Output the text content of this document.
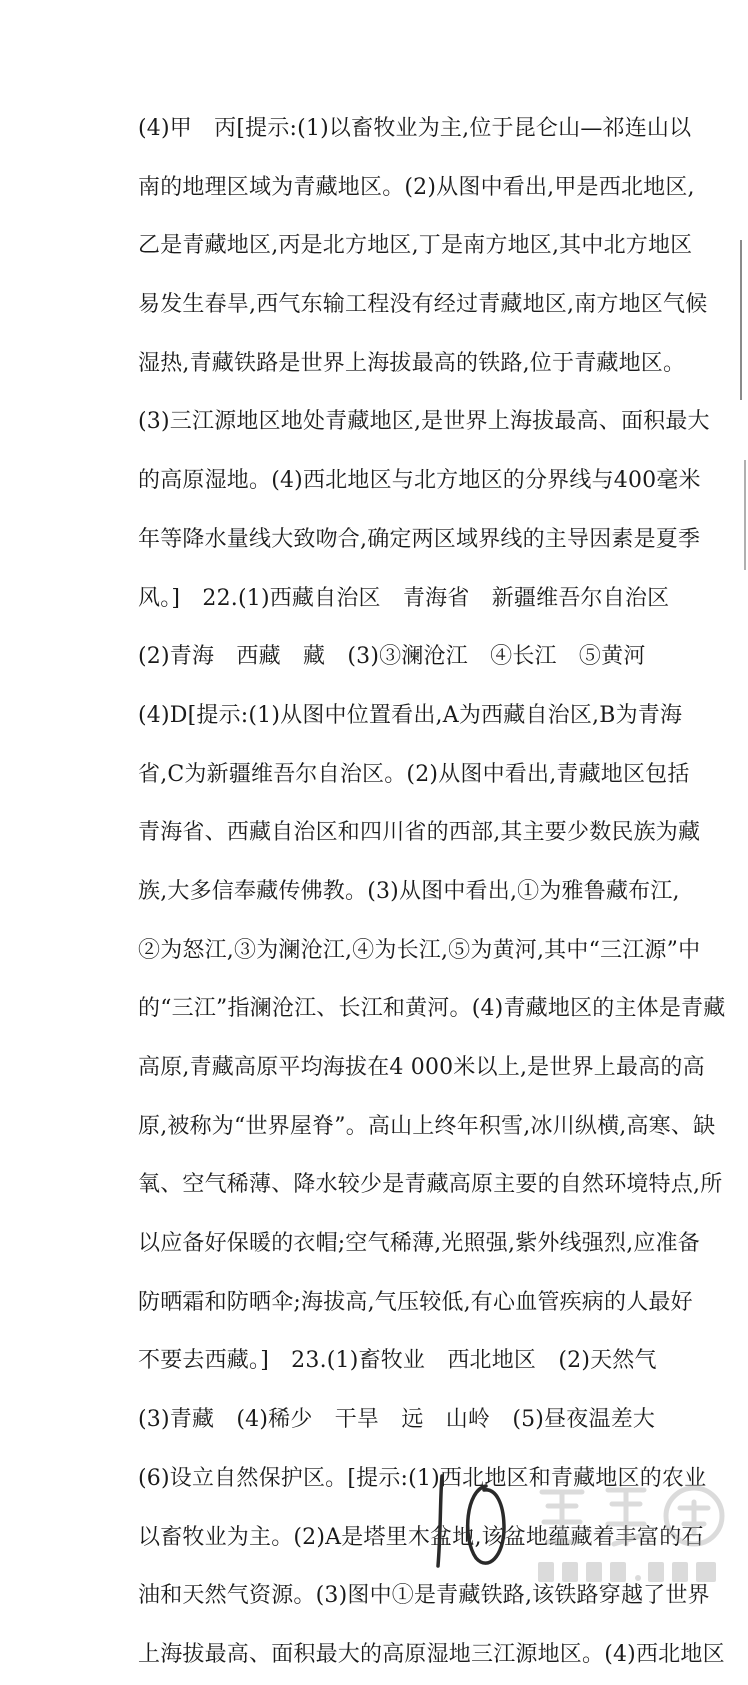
(4)甲　丙[提示:(1)以畜牧业为主,位于昆仑山—祁连山以
南的地理区域为青藏地区。(2)从图中看出,甲是西北地区,
乙是青藏地区,丙是北方地区,丁是南方地区,其中北方地区
易发生春旱,西气东输工程没有经过青藏地区,南方地区气候
湿热,青藏铁路是世界上海拔最高的铁路,位于青藏地区。
(3)三江源地区地处青藏地区,是世界上海拔最高、面积最大
的高原湿地。(4)西北地区与北方地区的分界线与400毫米
年等降水量线大致吻合,确定两区域界线的主导因素是夏季
风。]　22.(1)西藏自治区　青海省　新疆维吾尔自治区
(2)青海　西藏　藏　(3)③澜沧江　④长江　⑤黄河
(4)D[提示:(1)从图中位置看出,A为西藏自治区,B为青海
省,C为新疆维吾尔自治区。(2)从图中看出,青藏地区包括
青海省、西藏自治区和四川省的西部,其主要少数民族为藏
族,大多信奉藏传佛教。(3)从图中看出,①为雅鲁藏布江,
②为怒江,③为澜沧江,④为长江,⑤为黄河,其中“三江源”中
的“三江”指澜沧江、长江和黄河。(4)青藏地区的主体是青藏
高原,青藏高原平均海拔在4 000米以上,是世界上最高的高
原,被称为“世界屋脊”。高山上终年积雪,冰川纵横,高寒、缺
氧、空气稀薄、降水较少是青藏高原主要的自然环境特点,所
以应备好保暖的衣帽;空气稀薄,光照强,紫外线强烈,应准备
防晒霜和防晒伞;海拔高,气压较低,有心血管疾病的人最好
不要去西藏。]　23.(1)畜牧业　西北地区　(2)天然气
(3)青藏　(4)稀少　干旱　远　山岭　(5)昼夜温差大
(6)设立自然保护区。[提示:(1)西北地区和青藏地区的农业
以畜牧业为主。(2)A是塔里木盆地,该盆地蕴藏着丰富的石
油和天然气资源。(3)图中①是青藏铁路,该铁路穿越了世界
上海拔最高、面积最大的高原湿地三江源地区。(4)西北地区
